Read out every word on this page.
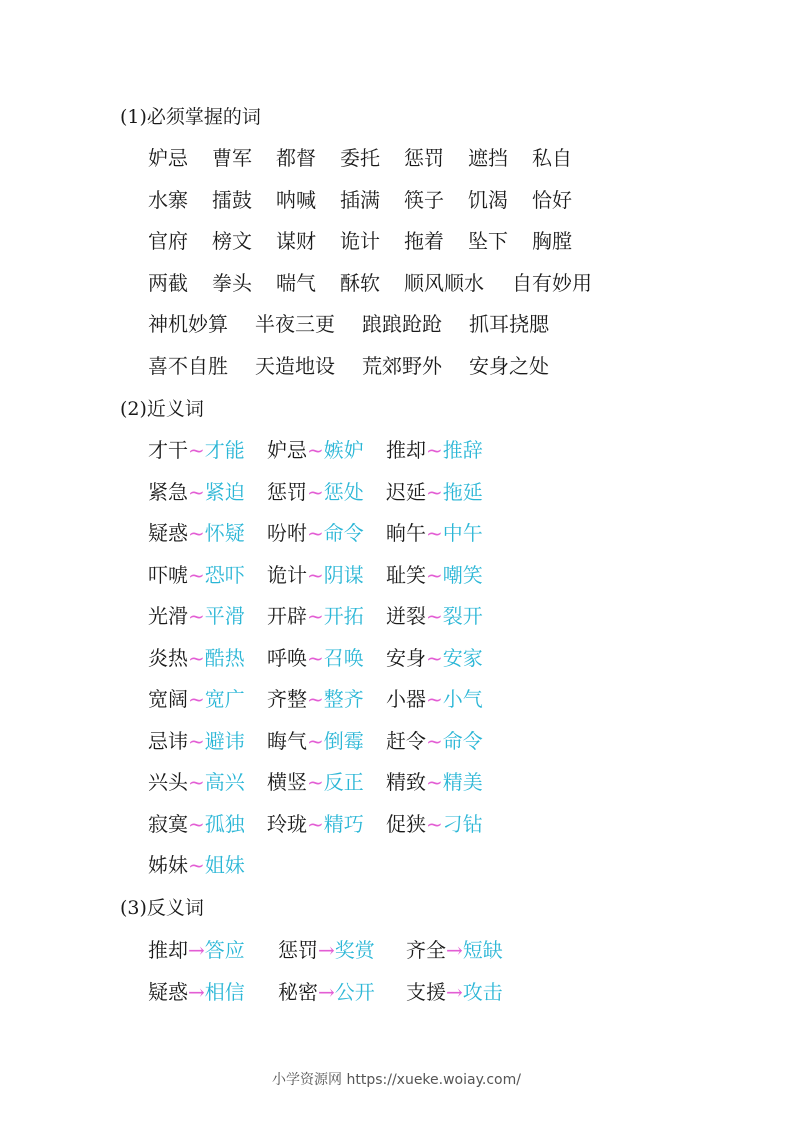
(1)必须掌握的词
妒忌 曹军 都督 委托 惩罚 遮挡 私自
水寨 擂鼓 呐喊 插满 筷子 饥渴 恰好
官府 榜文 谋财 诡计 拖着 坠下 胸膛
两截 拳头 喘气 酥软 顺风顺水 自有妙用
神机妙算 半夜三更 踉踉跄跄 抓耳挠腮
喜不自胜 天造地设 荒郊野外 安身之处
(2)近义词
才干~才能 妒忌~嫉妒 推却~推辞
紧急~紧迫 惩罚~惩处 迟延~拖延
疑惑~怀疑 吩咐~命令 晌午~中午
吓唬~恐吓 诡计~阴谋 耻笑~嘲笑
光滑~平滑 开辟~开拓 迸裂~裂开
炎热~酷热 呼唤~召唤 安身~安家
宽阔~宽广 齐整~整齐 小器~小气
忌讳~避讳 晦气~倒霉 赶令~命令
兴头~高兴 横竖~反正 精致~精美
寂寞~孤独 玲珑~精巧 促狭~刁钻
姊妹~姐妹
(3)反义词
推却→答应 惩罚→奖赏 齐全→短缺
疑惑→相信 秘密→公开 支援→攻击
小学资源网 https://xueke.woiay.com/
